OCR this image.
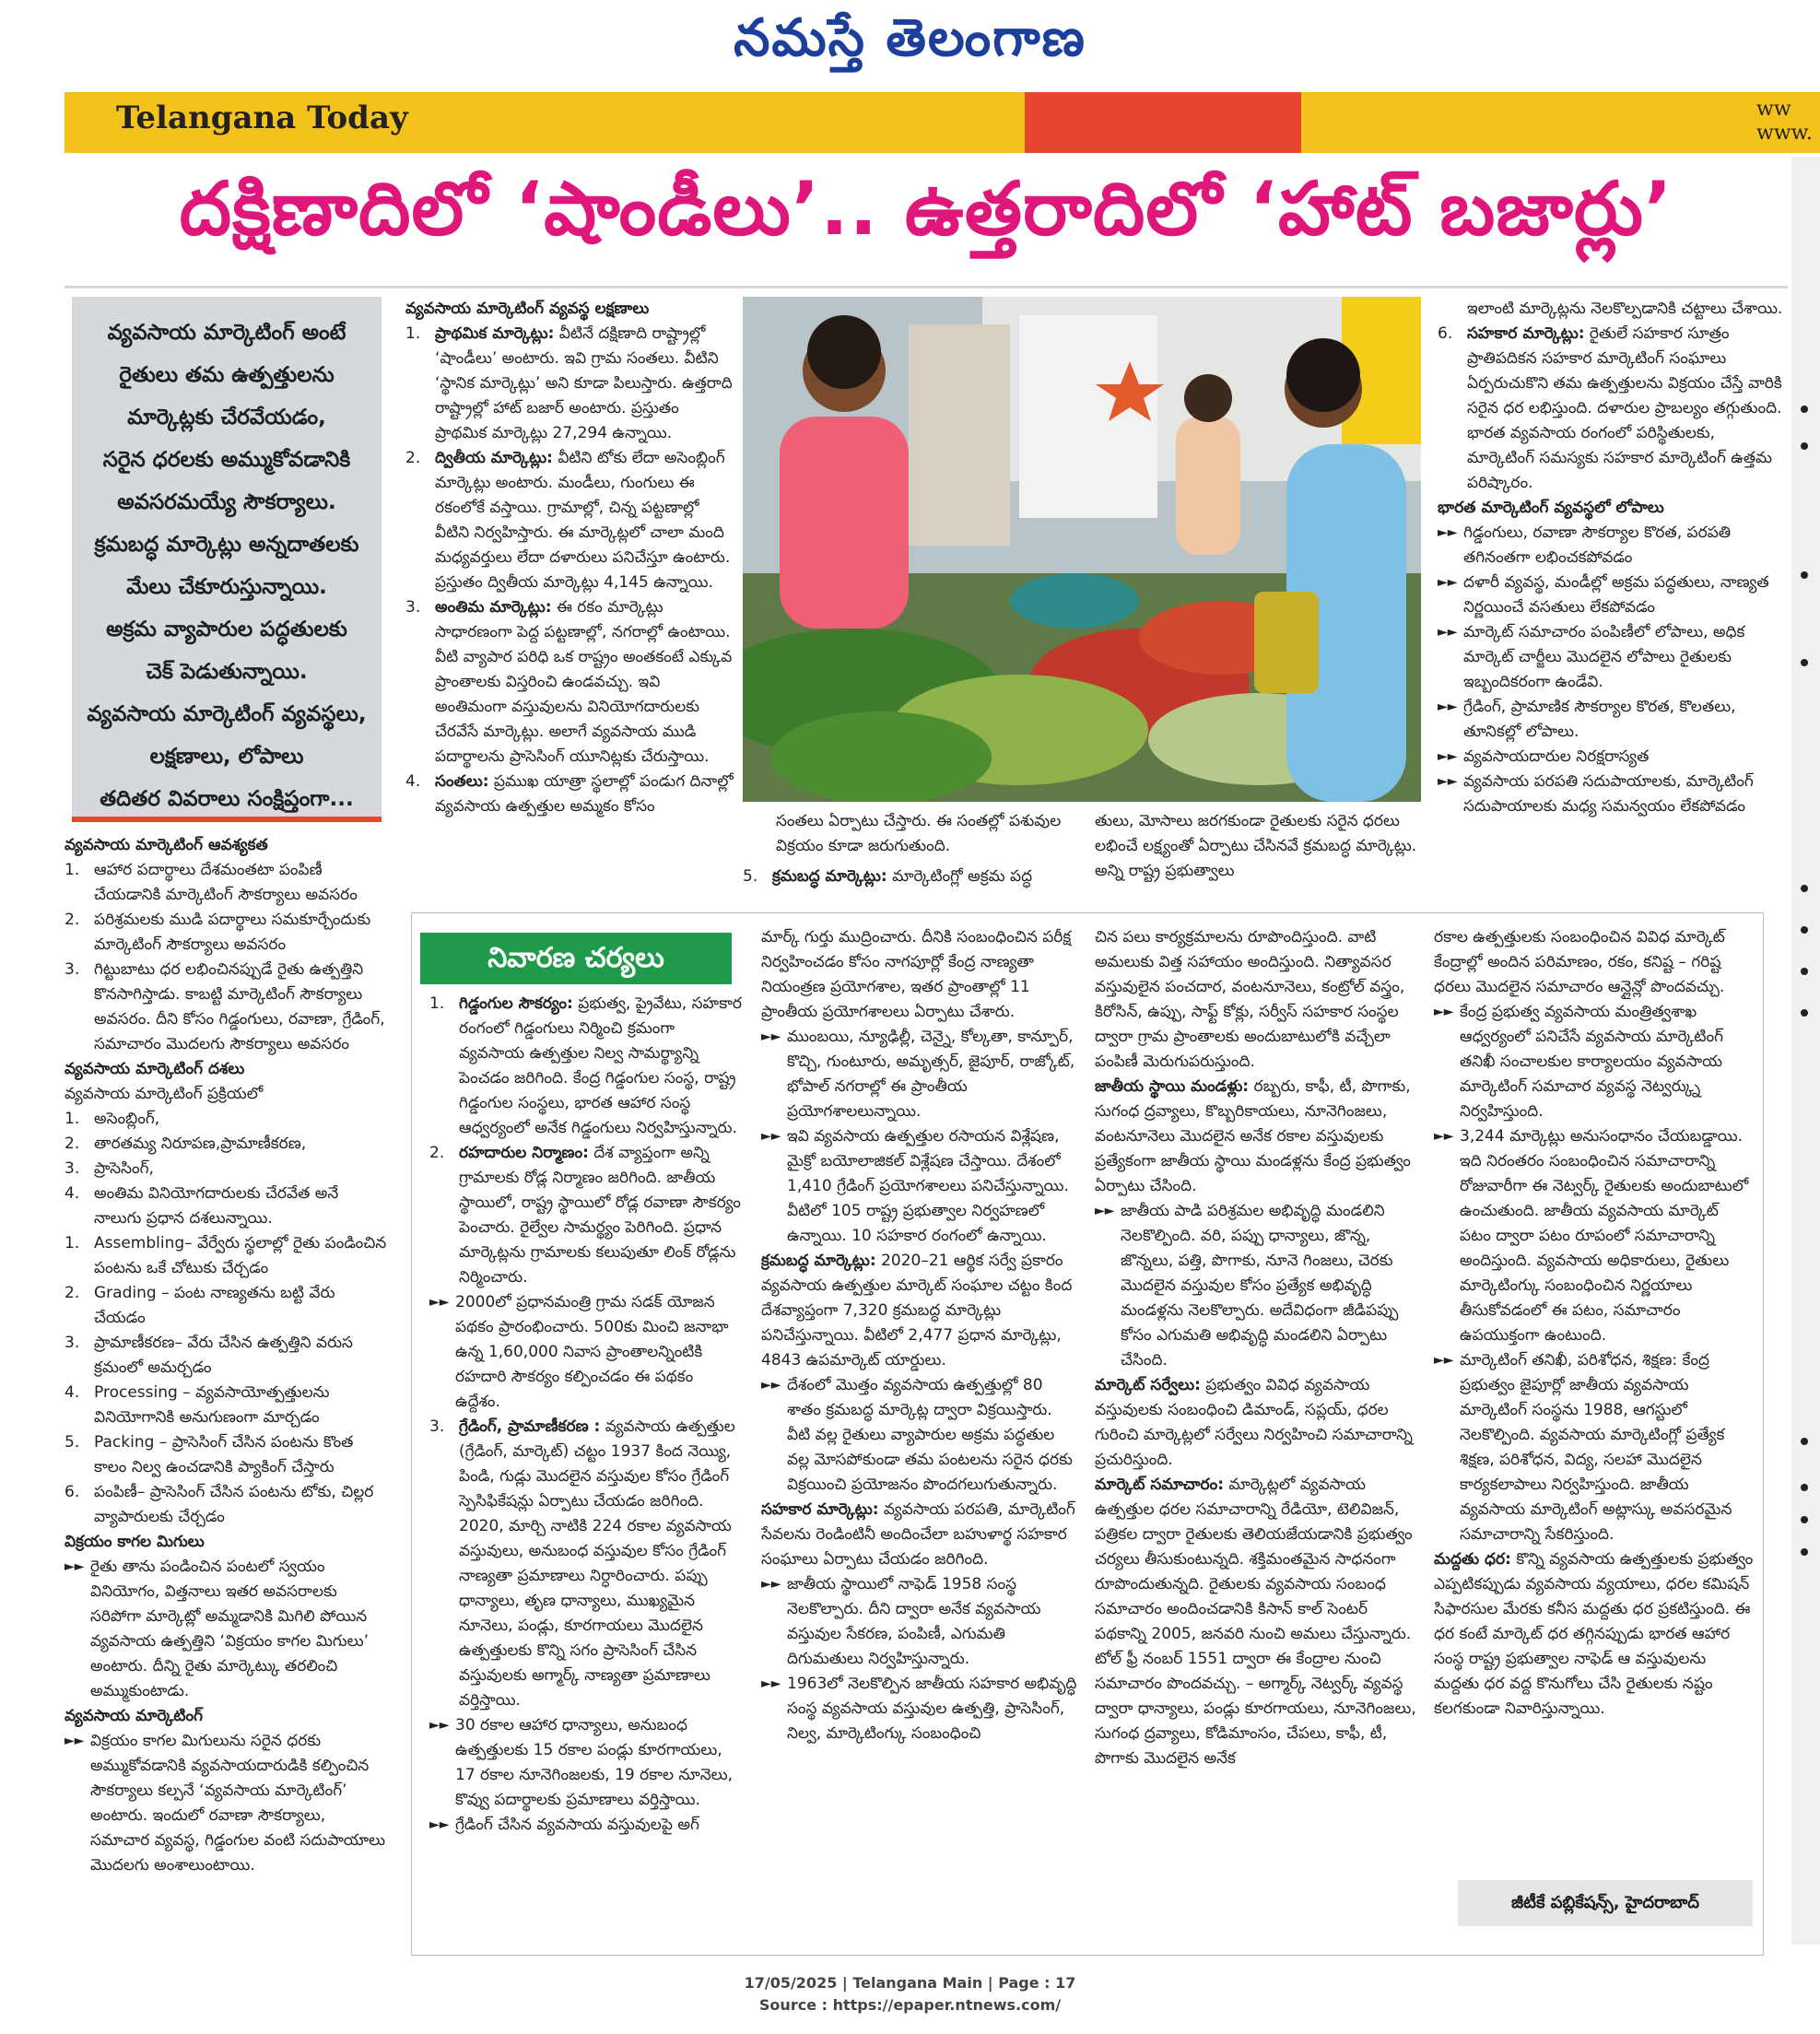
నమస్తే తెలంగాణ
Telangana Today	ww
www.
దక్షిణాదిలో ‘షాండీలు’.. ఉత్తరాదిలో ‘హాట్ బజార్లు’
వ్యవసాయ మార్కెటింగ్ అంటే
రైతులు తమ ఉత్పత్తులను
మార్కెట్లకు చేరవేయడం,
సరైన ధరలకు అమ్ముకోవడానికి
అవసరమయ్యే సౌకర్యాలు.
క్రమబద్ధ మార్కెట్లు అన్నదాతలకు
మేలు చేకూరుస్తున్నాయి.
అక్రమ వ్యాపారుల పద్ధతులకు
చెక్ పెడుతున్నాయి.
వ్యవసాయ మార్కెటింగ్ వ్యవస్థలు,
లక్షణాలు, లోపాలు
తదితర వివరాలు సంక్షిప్తంగా...

వ్యవసాయ మార్కెటింగ్ ఆవశ్యకత

1. ఆహార పదార్థాలు దేశమంతటా పంపిణీ చేయడానికి మార్కెటింగ్ సౌకర్యాలు అవసరం
2. పరిశ్రమలకు ముడి పదార్థాలు సమకూర్చేందుకు మార్కెటింగ్ సౌకర్యాలు అవసరం
3. గిట్టుబాటు ధర లభించినప్పుడే రైతు ఉత్పత్తిని కొనసాగిస్తాడు. కాబట్టి మార్కెటింగ్ సౌకర్యాలు అవసరం. దీని కోసం గిడ్డంగులు, రవాణా, గ్రేడింగ్, సమాచారం మొదలగు సౌకర్యాలు అవసరం

వ్యవసాయ మార్కెటింగ్ దశలు

వ్యవసాయ మార్కెటింగ్ ప్రక్రియలో

1. అసెంబ్లింగ్,
2. తారతమ్య నిరూపణ,ప్రామాణీకరణ,
3. ప్రాసెసింగ్,
4. అంతిమ వినియోగదారులకు చేరవేత అనే నాలుగు ప్రధాన దశలున్నాయి.
1. Assembling– వేర్వేరు స్థలాల్లో రైతు పండించిన పంటను ఒకే చోటుకు చేర్చడం
2. Grading – పంట నాణ్యతను బట్టి వేరు చేయడం
3. ప్రామాణీకరణ– వేరు చేసిన ఉత్పత్తిని వరుస క్రమంలో అమర్చడం
4. Processing – వ్యవసాయోత్పత్తులను వినియోగానికి అనుగుణంగా మార్చడం
5. Packing – ప్రాసెసింగ్ చేసిన పంటను కొంత కాలం నిల్వ ఉంచడానికి ప్యాకింగ్ చేస్తారు
6. పంపిణీ– ప్రాసెసింగ్ చేసిన పంటను టోకు, చిల్లర వ్యాపారులకు చేర్చడం

విక్రయం కాగల మిగులు

►► రైతు తాను పండించిన పంటలో స్వయం వినియోగం, విత్తనాలు ఇతర అవసరాలకు సరిపోగా మార్కెట్లో అమ్మడానికి మిగిలి పోయిన వ్యవసాయ ఉత్పత్తిని ‘విక్రయం కాగల మిగులు’ అంటారు. దీన్ని రైతు మార్కెట్కు తరలించి అమ్ముకుంటాడు.

వ్యవసాయ మార్కెటింగ్

►► విక్రయం కాగల మిగులును సరైన ధరకు అమ్ముకోవడానికి వ్యవసాయదారుడికి కల్పించిన సౌకర్యాలు కల్పనే ‘వ్యవసాయ మార్కెటింగ్’ అంటారు. ఇందులో రవాణా సౌకర్యాలు, సమాచార వ్యవస్థ, గిడ్డంగుల వంటి సదుపాయాలు మొదలగు అంశాలుంటాయి.

వ్యవసాయ మార్కెటింగ్ వ్యవస్థ లక్షణాలు

1. ప్రాథమిక మార్కెట్లు: వీటినే దక్షిణాది రాష్ట్రాల్లో ‘షాండీలు’ అంటారు. ఇవి గ్రామ సంతలు. వీటిని ‘స్థానిక మార్కెట్లు’ అని కూడా పిలుస్తారు. ఉత్తరాది రాష్ట్రాల్లో హాట్ బజార్ అంటారు. ప్రస్తుతం ప్రాథమిక మార్కెట్లు 27,294 ఉన్నాయి.
2. ద్వితీయ మార్కెట్లు: వీటిని టోకు లేదా అసెంబ్లింగ్ మార్కెట్లు అంటారు. మండీలు, గుంగులు ఈ రకంలోకే వస్తాయి. గ్రామాల్లో, చిన్న పట్టణాల్లో వీటిని నిర్వహిస్తారు. ఈ మార్కెట్లలో చాలా మంది మధ్యవర్తులు లేదా దళారులు పనిచేస్తూ ఉంటారు. ప్రస్తుతం ద్వితీయ మార్కెట్లు 4,145 ఉన్నాయి.
3. అంతిమ మార్కెట్లు: ఈ రకం మార్కెట్లు సాధారణంగా పెద్ద పట్టణాల్లో, నగరాల్లో ఉంటాయి. వీటి వ్యాపార పరిధి ఒక రాష్ట్రం అంతకంటే ఎక్కువ ప్రాంతాలకు విస్తరించి ఉండవచ్చు. ఇవి అంతిమంగా వస్తువులను వినియోగదారులకు చేరవేసే మార్కెట్లు. అలాగే వ్యవసాయ ముడి పదార్థాలను ప్రాసెసింగ్ యూనిట్లకు చేరుస్తాయి.
4. సంతలు: ప్రముఖ యాత్రా స్థలాల్లో పండుగ దినాల్లో వ్యవసాయ ఉత్పత్తుల అమ్మకం కోసం

సంతలు ఏర్పాటు చేస్తారు. ఈ సంతల్లో పశువుల విక్రయం కూడా జరుగుతుంది.

5. క్రమబద్ధ మార్కెట్లు: మార్కెటింగ్లో అక్రమ పద్ధ

తులు, మోసాలు జరగకుండా రైతులకు సరైన ధరలు లభించే లక్ష్యంతో ఏర్పాటు చేసినవే క్రమబద్ధ మార్కెట్లు. అన్ని రాష్ట్ర ప్రభుత్వాలు

ఇలాంటి మార్కెట్లను నెలకొల్పడానికి చట్టాలు చేశాయి.

6. సహకార మార్కెట్లు: రైతులే సహకార సూత్రం ప్రాతిపదికన సహకార మార్కెటింగ్ సంఘాలు ఏర్పరుచుకొని తమ ఉత్పత్తులను విక్రయం చేస్తే వారికి సరైన ధర లభిస్తుంది. దళారుల ప్రాబల్యం తగ్గుతుంది. భారత వ్యవసాయ రంగంలో పరిస్థితులకు, మార్కెటింగ్ సమస్యకు సహకార మార్కెటింగ్ ఉత్తమ పరిష్కారం.

భారత మార్కెటింగ్ వ్యవస్థలో లోపాలు

►► గిడ్డంగులు, రవాణా సౌకర్యాల కొరత, పరపతి తగినంతగా లభించకపోవడం
►► దళారీ వ్యవస్థ, మండీల్లో అక్రమ పద్ధతులు, నాణ్యత నిర్ణయించే వసతులు లేకపోవడం
►► మార్కెట్ సమాచారం పంపిణీలో లోపాలు, అధిక మార్కెట్ చార్జీలు మొదలైన లోపాలు రైతులకు ఇబ్బందికరంగా ఉండేవి.
►► గ్రేడింగ్, ప్రామాణిక సౌకర్యాల కొరత, కొలతలు, తూనికల్లో లోపాలు.
►► వ్యవసాయదారుల నిరక్షరాస్యత
►► వ్యవసాయ పరపతి సదుపాయాలకు, మార్కెటింగ్ సదుపాయాలకు మధ్య సమన్వయం లేకపోవడం
నివారణ చర్యలు
1. గిడ్డంగుల సౌకర్యం: ప్రభుత్వ, ప్రైవేటు, సహకార రంగంలో గిడ్డంగులు నిర్మించి క్రమంగా వ్యవసాయ ఉత్పత్తుల నిల్వ సామర్థ్యాన్ని పెంచడం జరిగింది. కేంద్ర గిడ్డంగుల సంస్థ, రాష్ట్ర గిడ్డంగుల సంస్థలు, భారత ఆహార సంస్థ ఆధ్వర్యంలో అనేక గిడ్డంగులు నిర్వహిస్తున్నారు.
2. రహదారుల నిర్మాణం: దేశ వ్యాప్తంగా అన్ని గ్రామాలకు రోడ్ల నిర్మాణం జరిగింది. జాతీయ స్థాయిలో, రాష్ట్ర స్థాయిలో రోడ్ల రవాణా సౌకర్యం పెంచారు. రైల్వేల సామర్థ్యం పెరిగింది. ప్రధాన మార్కెట్లను గ్రామాలకు కలుపుతూ లింక్ రోడ్లను నిర్మించారు.
►► 2000లో ప్రధానమంత్రి గ్రామ సడక్ యోజన పథకం ప్రారంభించారు. 500కు మించి జనాభా ఉన్న 1,60,000 నివాస ప్రాంతాలన్నింటికి రహదారి సౌకర్యం కల్పించడం ఈ పథకం ఉద్దేశం.
3. గ్రేడింగ్, ప్రామాణీకరణ : వ్యవసాయ ఉత్పత్తుల (గ్రేడింగ్, మార్కెట్) చట్టం 1937 కింద నెయ్యి, పిండి, గుడ్లు మొదలైన వస్తువుల కోసం గ్రేడింగ్ స్పెసిఫికేషన్లు ఏర్పాటు చేయడం జరిగింది. 2020, మార్చి నాటికి 224 రకాల వ్యవసాయ వస్తువులు, అనుబంధ వస్తువుల కోసం గ్రేడింగ్ నాణ్యతా ప్రమాణాలు నిర్ధారించారు. పప్పు ధాన్యాలు, తృణ ధాన్యాలు, ముఖ్యమైన నూనెలు, పండ్లు, కూరగాయలు మొదలైన ఉత్పత్తులకు కొన్ని సగం ప్రాసెసింగ్ చేసిన వస్తువులకు అగ్మార్క్ నాణ్యతా ప్రమాణాలు వర్తిస్తాయి.
►► 30 రకాల ఆహార ధాన్యాలు, అనుబంధ ఉత్పత్తులకు 15 రకాల పండ్లు కూరగాయలు, 17 రకాల నూనెగింజలకు, 19 రకాల నూనెలు, కొవ్వు పదార్థాలకు ప్రమాణాలు వర్తిస్తాయి.
►► గ్రేడింగ్ చేసిన వ్యవసాయ వస్తువులపై అగ్
మార్క్ గుర్తు ముద్రించారు. దీనికి సంబంధించిన పరీక్ష నిర్వహించడం కోసం నాగపూర్లో కేంద్ర నాణ్యతా నియంత్రణ ప్రయోగశాల, ఇతర ప్రాంతాల్లో 11 ప్రాంతీయ ప్రయోగశాలలు ఏర్పాటు చేశారు.
►► ముంబయి, న్యూఢిల్లీ, చెన్నై, కోల్కతా, కాన్పూర్, కొచ్చి, గుంటూరు, అమృత్సర్, జైపూర్, రాజ్కోట్, భోపాల్ నగరాల్లో ఈ ప్రాంతీయ ప్రయోగశాలలున్నాయి.
►► ఇవి వ్యవసాయ ఉత్పత్తుల రసాయన విశ్లేషణ, మైక్రో బయోలాజికల్ విశ్లేషణ చేస్తాయి. దేశంలో 1,410 గ్రేడింగ్ ప్రయోగశాలలు పనిచేస్తున్నాయి. వీటిలో 105 రాష్ట్ర ప్రభుత్వాల నిర్వహణలో ఉన్నాయి. 10 సహకార రంగంలో ఉన్నాయి.
క్రమబద్ధ మార్కెట్లు: 2020–21 ఆర్థిక సర్వే ప్రకారం వ్యవసాయ ఉత్పత్తుల మార్కెట్ సంఘాల చట్టం కింద దేశవ్యాప్తంగా 7,320 క్రమబద్ధ మార్కెట్లు పనిచేస్తున్నాయి. వీటిలో 2,477 ప్రధాన మార్కెట్లు, 4843 ఉపమార్కెట్ యార్డులు.
►► దేశంలో మొత్తం వ్యవసాయ ఉత్పత్తుల్లో 80 శాతం క్రమబద్ధ మార్కెట్ల ద్వారా విక్రయిస్తారు. వీటి వల్ల రైతులు వ్యాపారుల అక్రమ పద్ధతుల వల్ల మోసపోకుండా తమ పంటలను సరైన ధరకు విక్రయించి ప్రయోజనం పొందగలుగుతున్నారు.
సహకార మార్కెట్లు: వ్యవసాయ పరపతి, మార్కెటింగ్ సేవలను రెండింటినీ అందించేలా బహుళార్థ సహకార సంఘాలు ఏర్పాటు చేయడం జరిగింది.
►► జాతీయ స్థాయిలో నాఫెడ్ 1958 సంస్థ నెలకొల్పారు. దీని ద్వారా అనేక వ్యవసాయ వస్తువుల సేకరణ, పంపిణీ, ఎగుమతి దిగుమతులు నిర్వహిస్తున్నారు.
►► 1963లో నెలకొల్పిన జాతీయ సహకార అభివృద్ధి సంస్థ వ్యవసాయ వస్తువుల ఉత్పత్తి, ప్రాసెసింగ్, నిల్వ, మార్కెటింగ్కు సంబంధించి
చిన పలు కార్యక్రమాలను రూపొందిస్తుంది. వాటి అమలుకు విత్త సహాయం అందిస్తుంది. నిత్యావసర వస్తువులైన పంచదార, వంటనూనెలు, కంట్రోల్ వస్త్రం, కిరోసిన్, ఉప్పు, సాఫ్ట్ కోక్లు, సర్వీస్ సహకార సంస్థల ద్వారా గ్రామ ప్రాంతాలకు అందుబాటులోకి వచ్చేలా పంపిణీ మెరుగుపరుస్తుంది.
జాతీయ స్థాయి మండళ్లు: రబ్బరు, కాఫీ, టీ, పొగాకు, సుగంధ ద్రవ్యాలు, కొబ్బరికాయలు, నూనెగింజలు, వంటనూనెలు మొదలైన అనేక రకాల వస్తువులకు ప్రత్యేకంగా జాతీయ స్థాయి మండళ్లను కేంద్ర ప్రభుత్వం ఏర్పాటు చేసింది.
►► జాతీయ పాడి పరిశ్రమల అభివృద్ధి మండలిని నెలకొల్పింది. వరి, పప్పు ధాన్యాలు, జొన్న, జొన్నలు, పత్తి, పొగాకు, నూనె గింజలు, చెరకు మొదలైన వస్తువుల కోసం ప్రత్యేక అభివృద్ధి మండళ్లను నెలకొల్పారు. అదేవిధంగా జీడిపప్పు కోసం ఎగుమతి అభివృద్ధి మండలిని ఏర్పాటు చేసింది.
మార్కెట్ సర్వేలు: ప్రభుత్వం వివిధ వ్యవసాయ వస్తువులకు సంబంధించి డిమాండ్, సప్లయ్, ధరల గురించి మార్కెట్లలో సర్వేలు నిర్వహించి సమాచారాన్ని ప్రచురిస్తుంది.
మార్కెట్ సమాచారం: మార్కెట్లలో వ్యవసాయ ఉత్పత్తుల ధరల సమాచారాన్ని రేడియో, టెలివిజన్, పత్రికల ద్వారా రైతులకు తెలియజేయడానికి ప్రభుత్వం చర్యలు తీసుకుంటున్నది. శక్తిమంతమైన సాధనంగా రూపొందుతున్నది. రైతులకు వ్యవసాయ సంబంధ సమాచారం అందించడానికి కిసాన్ కాల్ సెంటర్ పథకాన్ని 2005, జనవరి నుంచి అమలు చేస్తున్నారు. టోల్ ఫ్రీ నంబర్ 1551 ద్వారా ఈ కేంద్రాల నుంచి సమాచారం పొందవచ్చు. – అగ్మార్క్ నెట్వర్క్ వ్యవస్థ ద్వారా ధాన్యాలు, పండ్లు కూరగాయలు, నూనెగింజలు, సుగంధ ద్రవ్యాలు, కోడిమాంసం, చేపలు, కాఫీ, టీ, పొగాకు మొదలైన అనేక
రకాల ఉత్పత్తులకు సంబంధించిన వివిధ మార్కెట్ కేంద్రాల్లో అందిన పరిమాణం, రకం, కనిష్ట – గరిష్ట ధరలు మొదలైన సమాచారం ఆన్లైన్లో పొందవచ్చు.
►► కేంద్ర ప్రభుత్వ వ్యవసాయ మంత్రిత్వశాఖ ఆధ్వర్యంలో పనిచేసే వ్యవసాయ మార్కెటింగ్ తనిఖీ సంచాలకుల కార్యాలయం వ్యవసాయ మార్కెటింగ్ సమాచార వ్యవస్థ నెట్వర్క్ను నిర్వహిస్తుంది.
►► 3,244 మార్కెట్లు అనుసంధానం చేయబడ్డాయి. ఇది నిరంతరం సంబంధించిన సమాచారాన్ని రోజువారీగా ఈ నెట్వర్క్ రైతులకు అందుబాటులో ఉంచుతుంది. జాతీయ వ్యవసాయ మార్కెట్ పటం ద్వారా పటం రూపంలో సమాచారాన్ని అందిస్తుంది. వ్యవసాయ అధికారులు, రైతులు మార్కెటింగ్కు సంబంధించిన నిర్ణయాలు తీసుకోవడంలో ఈ పటం, సమాచారం ఉపయుక్తంగా ఉంటుంది.
►► మార్కెటింగ్ తనిఖీ, పరిశోధన, శిక్షణ: కేంద్ర ప్రభుత్వం జైపూర్లో జాతీయ వ్యవసాయ మార్కెటింగ్ సంస్థను 1988, ఆగస్టులో నెలకొల్పింది. వ్యవసాయ మార్కెటింగ్లో ప్రత్యేక శిక్షణ, పరిశోధన, విద్య, సలహా మొదలైన కార్యకలాపాలు నిర్వహిస్తుంది. జాతీయ వ్యవసాయ మార్కెటింగ్ అట్లాస్కు అవసరమైన సమాచారాన్ని సేకరిస్తుంది.
మద్దతు ధర: కొన్ని వ్యవసాయ ఉత్పత్తులకు ప్రభుత్వం ఎప్పటికప్పుడు వ్యవసాయ వ్యయాలు, ధరల కమిషన్ సిఫారసుల మేరకు కనీస మద్దతు ధర ప్రకటిస్తుంది. ఈ ధర కంటే మార్కెట్ ధర తగ్గినప్పుడు భారత ఆహార సంస్థ రాష్ట్ర ప్రభుత్వాల నాఫెడ్ ఆ వస్తువులను మద్దతు ధర వద్ద కొనుగోలు చేసి రైతులకు నష్టం కలగకుండా నివారిస్తున్నాయి.
జీటీకే పబ్లికేషన్స్, హైదరాబాద్
17/05/2025 | Telangana Main | Page : 17
Source : https://epaper.ntnews.com/
